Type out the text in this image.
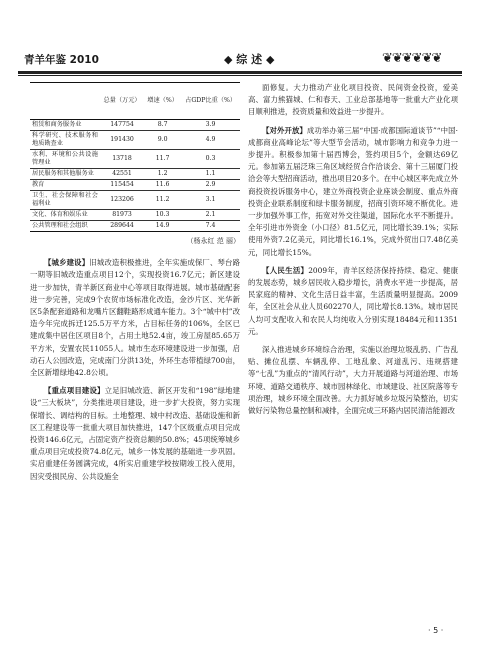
青羊年鉴 2010	◆ 综 述 ◆	❦❦❦❦❦❦
	总量（万元）	增速（%）	占GDP比重（%）
租赁和商务服务业	147754	8.7	3.9
科学研究、技术服务和地质勘查业	191430	9.0	4.9
水利、环境和公共设施管理业	13718	11.7	0.3
居民服务和其他服务业	42551	1.2	1.1
教育	115454	11.6	2.9
卫生、社会保障和社会福利业	123206	11.2	3.1
文化、体育和娱乐业	81973	10.3	2.1
公共管理和社会组织	289644	14.9	7.4
（杨永红 范 丽）

【城乡建设】旧城改造积极推进，全年实施成保厂、琴台路一期等旧城改造重点项目12个，实现投资16.7亿元；新区建设进一步加快，青羊新区商业中心等项目取得进展。城市基础配套进一步完善，完成9个农贸市场标准化改造，金沙片区、光华新区5条配套道路和龙嘴片区翻鞋路形成通车能力。3个“城中村”改造今年完成拆迁125.5万平方米，占目标任务的106%，全区已建成集中居住区项目8个，占用土地52.4亩，竣工房屋85.65万平方米，安置农民11055人。城市生态环境建设进一步加强，启动石人公园改造，完成南门分洪13处，外环生态带植绿700亩，全区新增绿地42.8公顷。

【重点项目建设】立足旧城改造、新区开发和“198”绿地建设“三大板块”，分类推进项目建设，进一步扩大投资，努力实现保增长、调结构的目标。土地整理、城中村改造、基础设施和新区工程建设等一批重大项目加快推进，147个区级重点项目完成投资146.6亿元，占固定资产投资总额的50.8%；45项统筹城乡重点项目完成投资74.8亿元，城乡一体发展的基础进一步巩固。实启重建任务圆满完成，4所实启重建学校按期竣工投入使用，因灾受损民房、公共设施全

面修复。大力推动产业化项目投资、民间资金投资，爱美高、富力熊猫城、仁和春天、工业总部基地等一批重大产业化项目顺利推进，投资质量和效益进一步提升。

【对外开放】成功举办第三届“中国·成都国际道谈节”“中国·成都商业高峰论坛”等大型节会活动，城市影响力和竞争力进一步提升。积极参加第十届西博会，签约项目5个，金额达69亿元。参加第五届泛珠三角区域经贸合作洽谈会、第十三届厦门投洽会等大型招商活动，推出项目20多个。在中心城区率先成立外商投资投诉服务中心，建立外商投资企业座谈会制度、重点外商投资企业联系制度和绿卡服务制度，招商引资环境不断优化。进一步加强外事工作，拓宽对外交往渠道，国际化水平不断提升。全年引进市外资金（小口径）81.5亿元，同比增长39.1%；实际使用外资7.2亿美元，同比增长16.1%，完成外贸出口7.48亿美元，同比增长15%。

【人民生活】2009年，青羊区经济保持持续、稳定、健康的发展态势，城乡居民收入稳步增长，消费水平进一步提高，居民家庭的精神、文化生活日益丰富，生活质量明显提高。2009年，全区社会从业人员602270人，同比增长8.13%。城市居民人均可支配收入和农民人均纯收入分别实现18484元和11351元。

深入推进城乡环境综合治理，实施以治理垃圾乱扔、广告乱贴、摊位乱摆、车辆乱停、工地乱象、河道乱污、违规搭建等“七乱”为重点的“清风行动”，大力开展道路与河道治理、市场环境、道路交通秩序、城市园林绿化、市域建设、社区院落等专项治理，城乡环境全面改善。大力抓好城乡垃圾污染整治，切实做好污染物总量控制和减排，全面完成三环路内居民清洁能源改

· 5 ·
